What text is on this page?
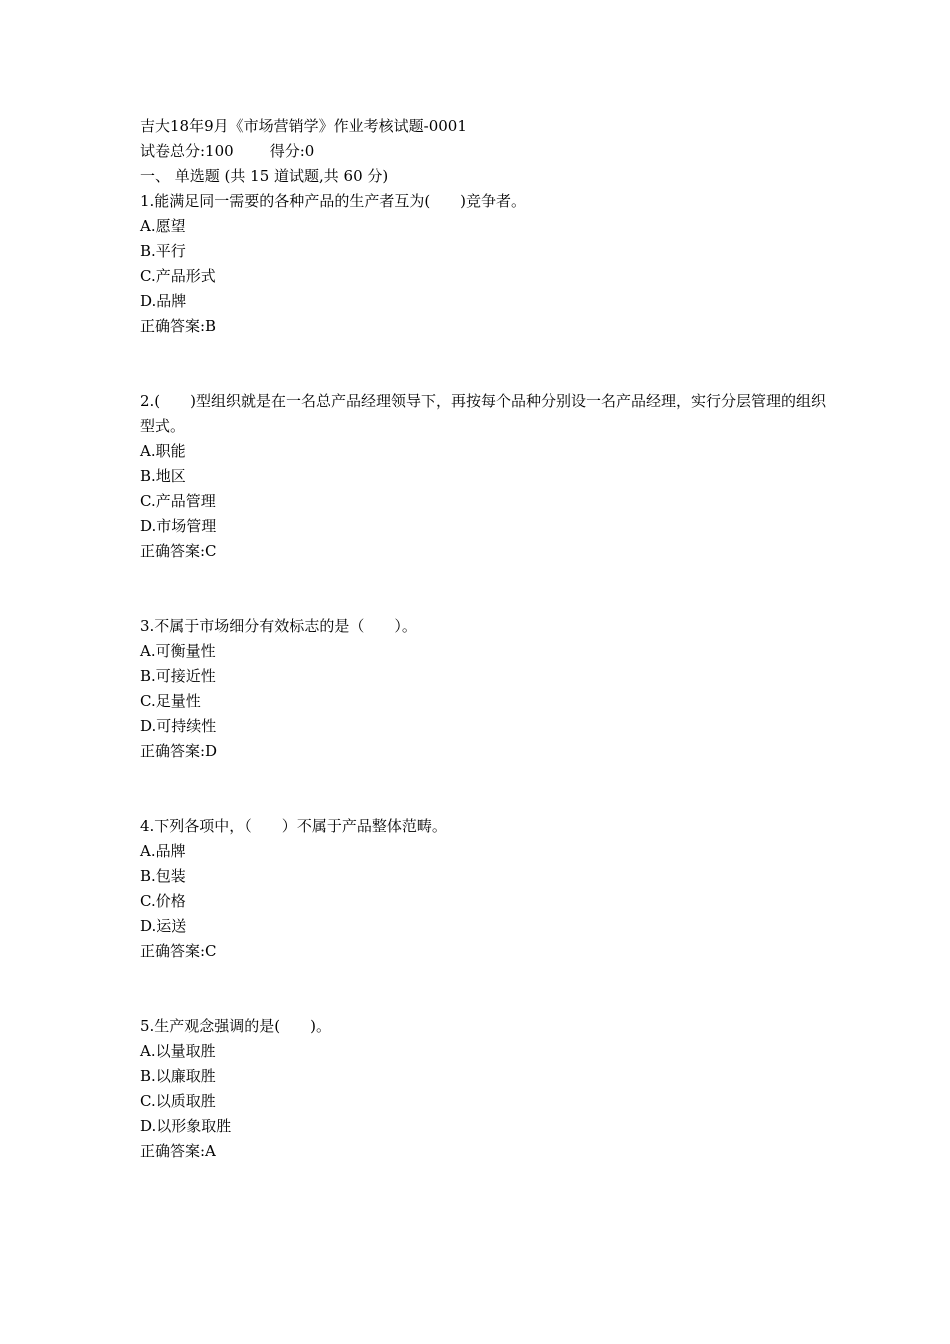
吉大18年9月《市场营销学》作业考核试题-0001
试卷总分:100 得分:0
一、 单选题 (共 15 道试题,共 60 分)
1.能满足同一需要的各种产品的生产者互为(　　)竞争者。
A.愿望
B.平行
C.产品形式
D.品牌
正确答案:B
2.(　　)型组织就是在一名总产品经理领导下，再按每个品种分别设一名产品经理，实行分层管理的组织型式。
A.职能
B.地区
C.产品管理
D.市场管理
正确答案:C
3.不属于市场细分有效标志的是（　　）。
A.可衡量性
B.可接近性
C.足量性
D.可持续性
正确答案:D
4.下列各项中，（　　）不属于产品整体范畴。
A.品牌
B.包装
C.价格
D.运送
正确答案:C
5.生产观念强调的是(　　)。
A.以量取胜
B.以廉取胜
C.以质取胜
D.以形象取胜
正确答案:A
